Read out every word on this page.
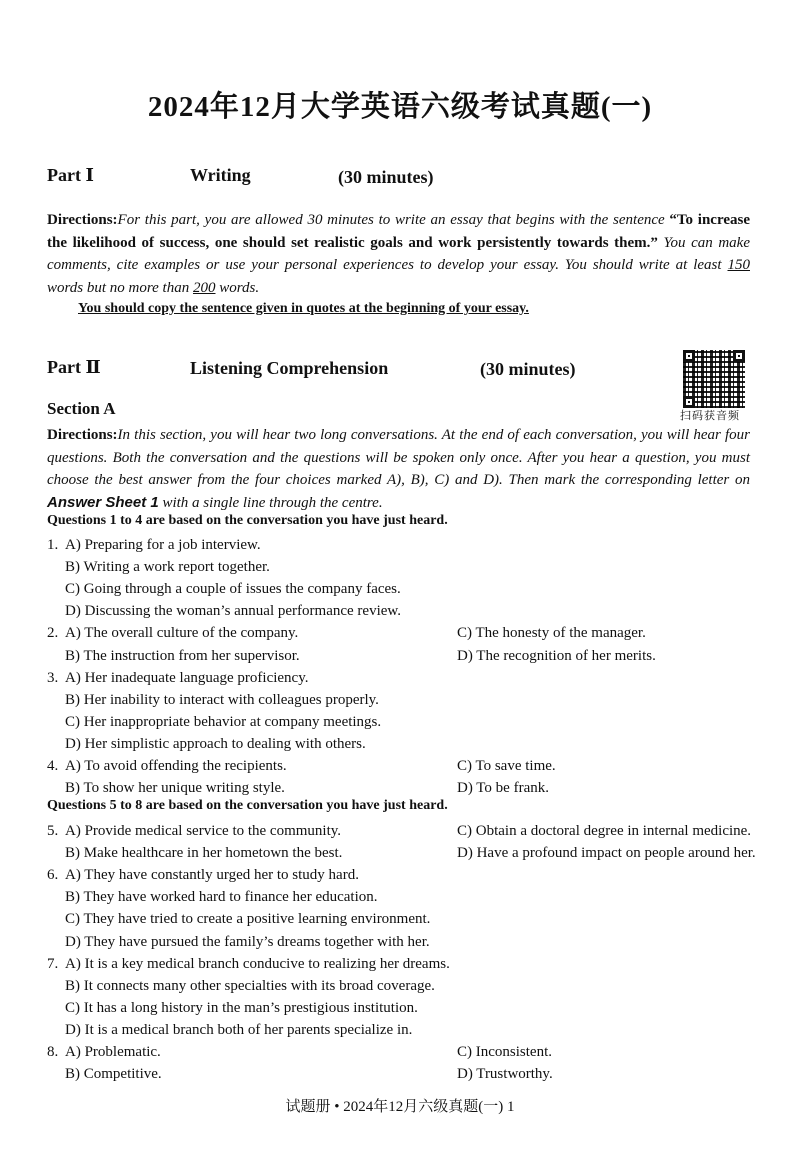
2024年12月大学英语六级考试真题(一)
Part Ⅰ	Writing	(30 minutes)
Directions:For this part, you are allowed 30 minutes to write an essay that begins with the sentence “To increase the likelihood of success, one should set realistic goals and work persistently towards them.” You can make comments, cite examples or use your personal experiences to develop your essay. You should write at least 150 words but no more than 200 words.
You should copy the sentence given in quotes at the beginning of your essay.
Part Ⅱ	Listening Comprehension	(30 minutes)
扫码获音频
Section A
Directions:In this section, you will hear two long conversations. At the end of each conversation, you will hear four questions. Both the conversation and the questions will be spoken only once. After you hear a question, you must choose the best answer from the four choices marked A), B), C) and D). Then mark the corresponding letter on Answer Sheet 1 with a single line through the centre.
Questions 1 to 4 are based on the conversation you have just heard.
1. A) Preparing for a job interview.
B) Writing a work report together.
C) Going through a couple of issues the company faces.
D) Discussing the woman’s annual performance review.
2. A) The overall culture of the company.	C) The honesty of the manager.
B) The instruction from her supervisor.	D) The recognition of her merits.
3. A) Her inadequate language proficiency.
B) Her inability to interact with colleagues properly.
C) Her inappropriate behavior at company meetings.
D) Her simplistic approach to dealing with others.
4. A) To avoid offending the recipients.	C) To save time.
B) To show her unique writing style.	D) To be frank.
Questions 5 to 8 are based on the conversation you have just heard.
5. A) Provide medical service to the community.	C) Obtain a doctoral degree in internal medicine.
B) Make healthcare in her hometown the best.	D) Have a profound impact on people around her.
6. A) They have constantly urged her to study hard.
B) They have worked hard to finance her education.
C) They have tried to create a positive learning environment.
D) They have pursued the family’s dreams together with her.
7. A) It is a key medical branch conducive to realizing her dreams.
B) It connects many other specialties with its broad coverage.
C) It has a long history in the man’s prestigious institution.
D) It is a medical branch both of her parents specialize in.
8. A) Problematic.	C) Inconsistent.
B) Competitive.	D) Trustworthy.
试题册 • 2024年12月六级真题(一) 1
